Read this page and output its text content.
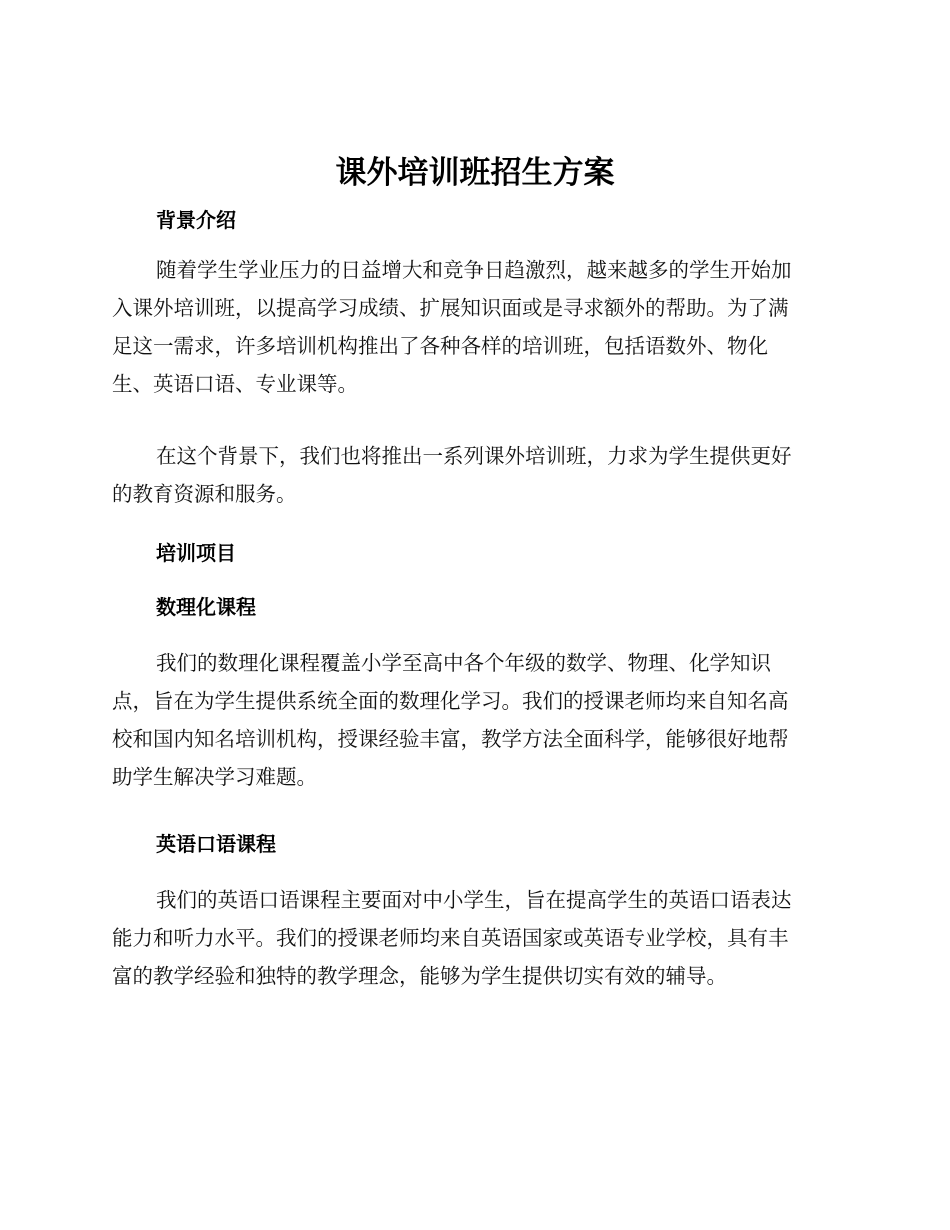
课外培训班招生方案
背景介绍
随着学生学业压力的日益增大和竞争日趋激烈，越来越多的学生开始加
入课外培训班，以提高学习成绩、扩展知识面或是寻求额外的帮助。为了满
足这一需求，许多培训机构推出了各种各样的培训班，包括语数外、物化
生、英语口语、专业课等。
在这个背景下，我们也将推出一系列课外培训班，力求为学生提供更好
的教育资源和服务。
培训项目
数理化课程
我们的数理化课程覆盖小学至高中各个年级的数学、物理、化学知识
点，旨在为学生提供系统全面的数理化学习。我们的授课老师均来自知名高
校和国内知名培训机构，授课经验丰富，教学方法全面科学，能够很好地帮
助学生解决学习难题。
英语口语课程
我们的英语口语课程主要面对中小学生，旨在提高学生的英语口语表达
能力和听力水平。我们的授课老师均来自英语国家或英语专业学校，具有丰
富的教学经验和独特的教学理念，能够为学生提供切实有效的辅导。
